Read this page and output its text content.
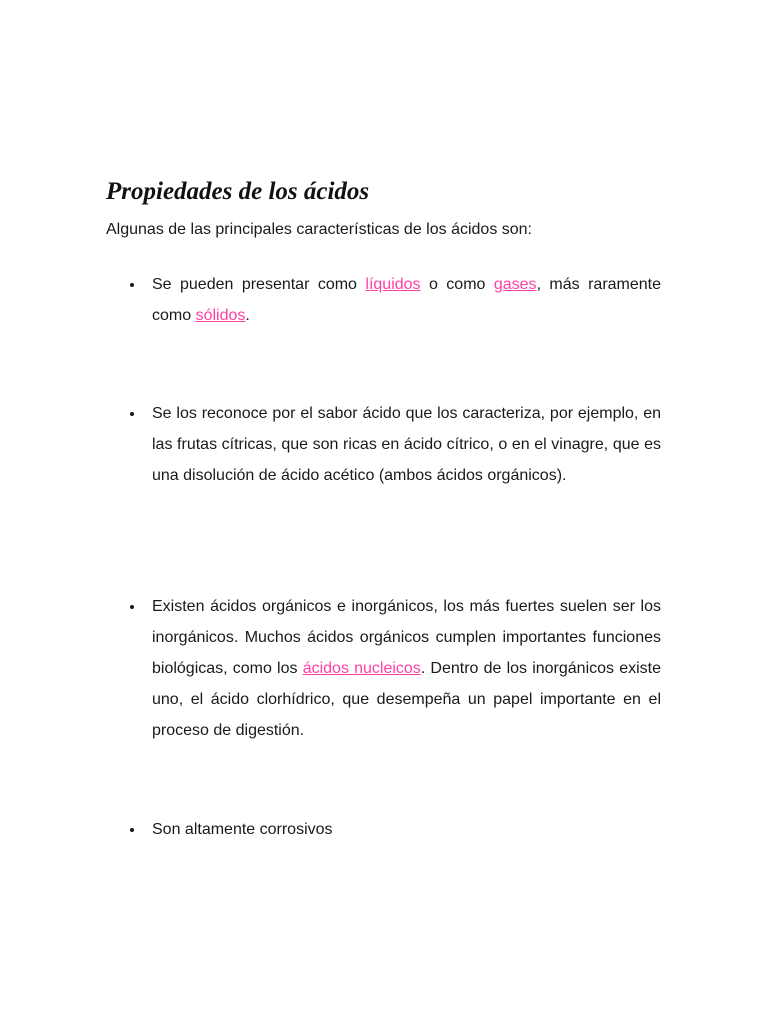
Propiedades de los ácidos

Algunas de las principales características de los ácidos son:

Se pueden presentar como líquidos o como gases, más raramente como sólidos.
Se los reconoce por el sabor ácido que los caracteriza, por ejemplo, en las frutas cítricas, que son ricas en ácido cítrico, o en el vinagre, que es una disolución de ácido acético (ambos ácidos orgánicos).
Existen ácidos orgánicos e inorgánicos, los más fuertes suelen ser los inorgánicos. Muchos ácidos orgánicos cumplen importantes funciones biológicas, como los ácidos nucleicos. Dentro de los inorgánicos existe uno, el ácido clorhídrico, que desempeña un papel importante en el proceso de digestión.
Son altamente corrosivos
